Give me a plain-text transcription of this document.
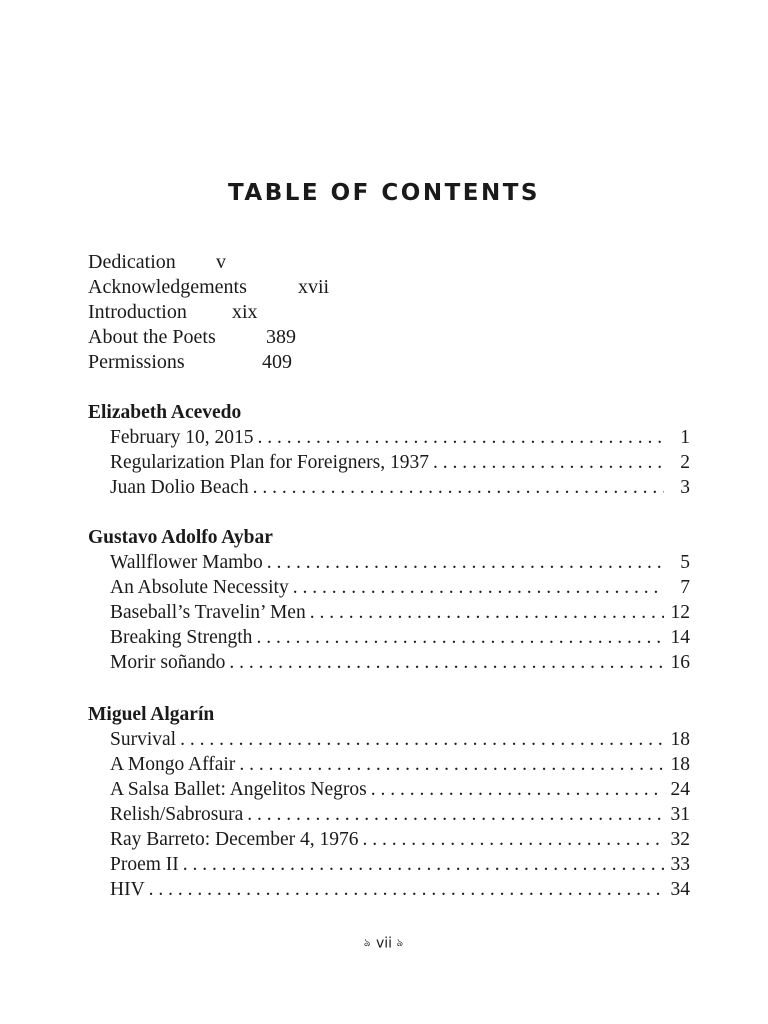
TABLE OF CONTENTS
Dedication	v
Acknowledgements	xvii
Introduction	xix
About the Poets	389
Permissions	409
Elizabeth Acevedo
February 10, 2015 . . .	1
Regularization Plan for Foreigners, 1937 . . .	2
Juan Dolio Beach . . .	3
Gustavo Adolfo Aybar
Wallflower Mambo . . .	5
An Absolute Necessity . . .	7
Baseball’s Travelin’ Men . . .	12
Breaking Strength . . .	14
Morir soñando . . .	16
Miguel Algarín
Survival . . .	18
A Mongo Affair . . .	18
A Salsa Ballet: Angelitos Negros . . .	24
Relish/Sabrosura . . .	31
Ray Barreto: December 4, 1976 . . .	32
Proem II . . .	33
HIV . . .	34
ঌ vii ঌ
